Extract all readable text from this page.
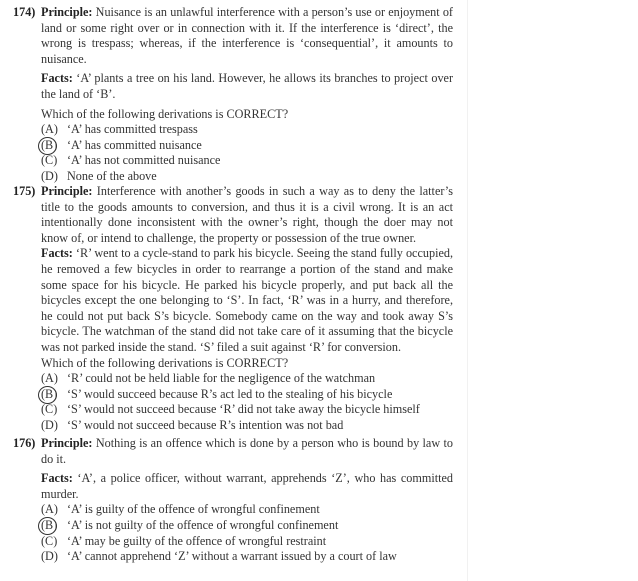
174) Principle: Nuisance is an unlawful interference with a person’s use or enjoyment of land or some right over or in connection with it. If the interference is ‘direct’, the wrong is trespass; whereas, if the interference is ‘consequential’, it amounts to nuisance.

Facts: ‘A’ plants a tree on his land. However, he allows its branches to project over the land of ‘B’.

Which of the following derivations is CORRECT?

(A) ‘A’ has committed trespass
(B) ‘A’ has committed nuisance
(C) ‘A’ has not committed nuisance
(D) None of the above
175) Principle: Interference with another’s goods in such a way as to deny the latter’s title to the goods amounts to conversion, and thus it is a civil wrong. It is an act intentionally done inconsistent with the owner’s right, though the doer may not know of, or intend to challenge, the property or possession of the true owner.

Facts: ‘R’ went to a cycle-stand to park his bicycle. Seeing the stand fully occupied, he removed a few bicycles in order to rearrange a portion of the stand and make some space for his bicycle. He parked his bicycle properly, and put back all the bicycles except the one belonging to ‘S’. In fact, ‘R’ was in a hurry, and therefore, he could not put back S’s bicycle. Somebody came on the way and took away S’s bicycle. The watchman of the stand did not take care of it assuming that the bicycle was not parked inside the stand. ‘S’ filed a suit against ‘R’ for conversion.

Which of the following derivations is CORRECT?

(A) ‘R’ could not be held liable for the negligence of the watchman
(B) ‘S’ would succeed because R’s act led to the stealing of his bicycle
(C) ‘S’ would not succeed because ‘R’ did not take away the bicycle himself
(D) ‘S’ would not succeed because R’s intention was not bad
176) Principle: Nothing is an offence which is done by a person who is bound by law to do it.

Facts: ‘A’, a police officer, without warrant, apprehends ‘Z’, who has committed murder.

(A) ‘A’ is guilty of the offence of wrongful confinement
(B) ‘A’ is not guilty of the offence of wrongful confinement
(C) ‘A’ may be guilty of the offence of wrongful restraint
(D) ‘A’ cannot apprehend ‘Z’ without a warrant issued by a court of law
